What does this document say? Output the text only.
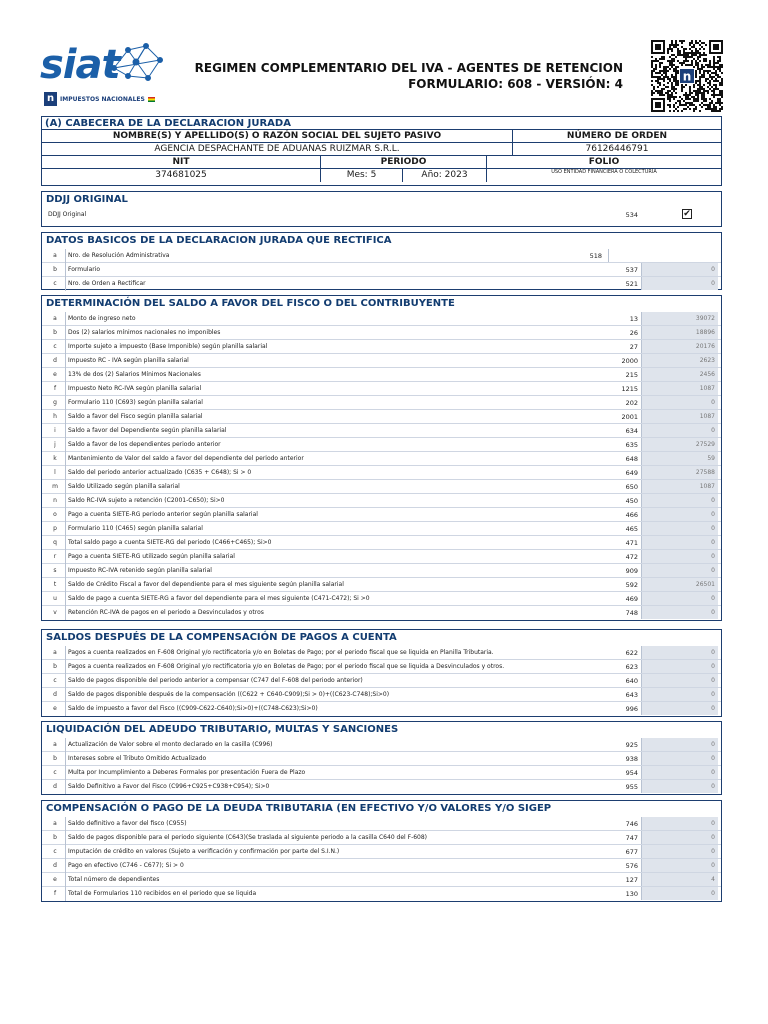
siat
n IMPUESTOS NACIONALES
REGIMEN COMPLEMENTARIO DEL IVA - AGENTES DE RETENCION
FORMULARIO: 608 - VERSIÓN: 4
n
(A) CABECERA DE LA DECLARACION JURADA
NOMBRE(S) Y APELLIDO(S) O RAZÓN SOCIAL DEL SUJETO PASIVO	NÚMERO DE ORDEN
AGENCIA DESPACHANTE DE ADUANAS RUIZMAR S.R.L.	76126446791
NIT	PERIODO	FOLIO
374681025	Mes: 5	Año: 2023	USO ENTIDAD FINANCIERA O COLECTURÍA
DDJJ ORIGINAL
DDJJ Original	534	✔
DATOS BASICOS DE LA DECLARACION JURADA QUE RECTIFICA
a	Nro. de Resolución Administrativa	518
b	Formulario	537	0
c	Nro. de Orden a Rectificar	521	0
DETERMINACIÓN DEL SALDO A FAVOR DEL FISCO O DEL CONTRIBUYENTE
a	Monto de ingreso neto	13	39072
b	Dos (2) salarios mínimos nacionales no imponibles	26	18896
c	Importe sujeto a impuesto (Base Imponible) según planilla salarial	27	20176
d	Impuesto RC - IVA según planilla salarial	2000	2623
e	13% de dos (2) Salarios Mínimos Nacionales	215	2456
f	Impuesto Neto RC-IVA según planilla salarial	1215	1087
g	Formulario 110 (C693) según planilla salarial	202	0
h	Saldo a favor del Fisco según planilla salarial	2001	1087
i	Saldo a favor del Dependiente según planilla salarial	634	0
j	Saldo a favor de los dependientes periodo anterior	635	27529
k	Mantenimiento de Valor del saldo a favor del dependiente del periodo anterior	648	59
l	Saldo del periodo anterior actualizado (C635 + C648); Si > 0	649	27588
m	Saldo Utilizado según planilla salarial	650	1087
n	Saldo RC-IVA sujeto a retención (C2001-C650); Si>0	450	0
o	Pago a cuenta SIETE-RG periodo anterior según planilla salarial	466	0
p	Formulario 110 (C465) según planilla salarial	465	0
q	Total saldo pago a cuenta SIETE-RG del periodo (C466+C465); Si>0	471	0
r	Pago a cuenta SIETE-RG utilizado según planilla salarial	472	0
s	Impuesto RC-IVA retenido según planilla salarial	909	0
t	Saldo de Crédito Fiscal a favor del dependiente para el mes siguiente según planilla salarial	592	26501
u	Saldo de pago a cuenta SIETE-RG a favor del dependiente para el mes siguiente (C471-C472); Si >0	469	0
v	Retención RC-IVA de pagos en el periodo a Desvinculados y otros	748	0
SALDOS DESPUÉS DE LA COMPENSACIÓN DE PAGOS A CUENTA
a	Pagos a cuenta realizados en F-608 Original y/o rectificatoria y/o en Boletas de Pago; por el periodo fiscal que se liquida en Planilla Tributaria.	622	0
b	Pagos a cuenta realizados en F-608 Original y/o rectificatoria y/o en Boletas de Pago; por el periodo fiscal que se liquida a Desvinculados y otros.	623	0
c	Saldo de pagos disponible del periodo anterior a compensar (C747 del F-608 del periodo anterior)	640	0
d	Saldo de pagos disponible después de la compensación ((C622 + C640-C909);Si > 0)+((C623-C748);Si>0)	643	0
e	Saldo de impuesto a favor del Fisco ((C909-C622-C640);Si>0)+((C748-C623);Si>0)	996	0
LIQUIDACIÓN DEL ADEUDO TRIBUTARIO, MULTAS Y SANCIONES
a	Actualización de Valor sobre el monto declarado en la casilla (C996)	925	0
b	Intereses sobre el Tributo Omitido Actualizado	938	0
c	Multa por Incumplimiento a Deberes Formales por presentación Fuera de Plazo	954	0
d	Saldo Definitivo a Favor del Fisco (C996+C925+C938+C954); Si>0	955	0
COMPENSACIÓN O PAGO DE LA DEUDA TRIBUTARIA (EN EFECTIVO Y/O VALORES Y/O SIGEP
a	Saldo definitivo a favor del fisco (C955)	746	0
b	Saldo de pagos disponible para el periodo siguiente (C643)(Se traslada al siguiente periodo a la casilla C640 del F-608)	747	0
c	Imputación de crédito en valores (Sujeto a verificación y confirmación por parte del S.I.N.)	677	0
d	Pago en efectivo (C746 - C677); Si > 0	576	0
e	Total número de dependientes	127	4
f	Total de Formularios 110 recibidos en el periodo que se liquida	130	0
